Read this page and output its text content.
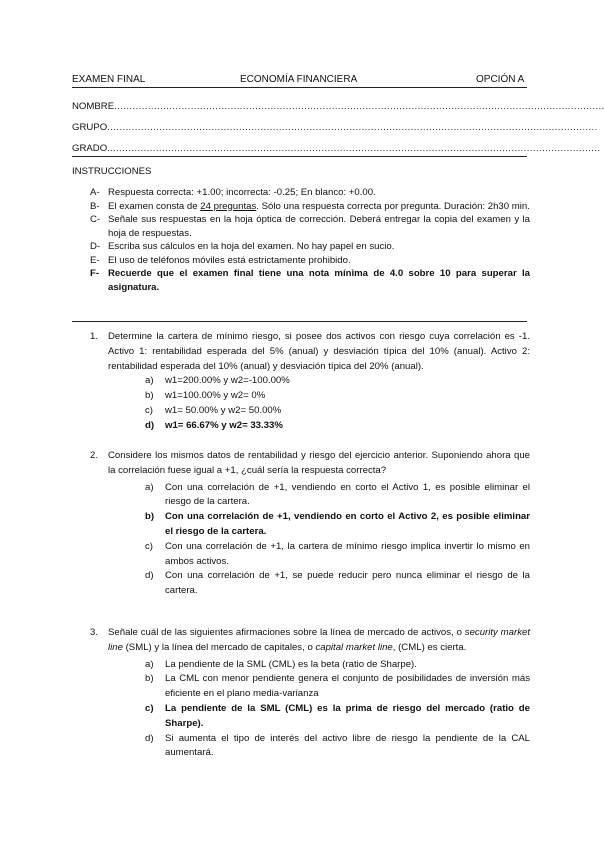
EXAMEN FINAL	ECONOMÍA FINANCIERA	OPCIÓN A
NOMBRE................................................................................................................................................................
GRUPO................................................................................................................................................................
GRADO.................................................................................................................................................................
INSTRUCCIONES
A- Respuesta correcta: +1.00; incorrecta: -0.25; En blanco: +0.00.
B- El examen consta de 24 preguntas. Sólo una respuesta correcta por pregunta. Duración: 2h30 min.
C- Señale sus respuestas en la hoja óptica de corrección. Deberá entregar la copia del examen y la hoja de respuestas.
D- Escriba sus cálculos en la hoja del examen. No hay papel en sucio.
E- El uso de teléfonos móviles está estrictamente prohibido.
F- Recuerde que el examen final tiene una nota mínima de 4.0 sobre 10 para superar la asignatura.
1. Determine la cartera de mínimo riesgo, si posee dos activos con riesgo cuya correlación es -1. Activo 1: rentabilidad esperada del 5% (anual) y desviación típica del 10% (anual). Activo 2: rentabilidad esperada del 10% (anual) y desviación típica del 20% (anual).
a)	w1=200.00% y w2=-100.00%
b)	w1=100.00% y w2= 0%
c)	w1= 50.00% y w2= 50.00%
d)	w1= 66.67% y w2= 33.33%
2. Considere los mismos datos de rentabilidad y riesgo del ejercicio anterior. Suponiendo ahora que la correlación fuese igual a +1, ¿cuál sería la respuesta correcta?
a)	Con una correlación de +1, vendiendo en corto el Activo 1, es posible eliminar el riesgo de la cartera.
b)	Con una correlación de +1, vendiendo en corto el Activo 2, es posible eliminar el riesgo de la cartera.
c)	Con una correlación de +1, la cartera de mínimo riesgo implica invertir lo mismo en ambos activos.
d)	Con una correlación de +1, se puede reducir pero nunca eliminar el riesgo de la cartera.
3. Señale cuál de las siguientes afirmaciones sobre la línea de mercado de activos, o security market line (SML) y la línea del mercado de capitales, o capital market line, (CML) es cierta.
a)	La pendiente de la SML (CML) es la beta (ratio de Sharpe).
b)	La CML con menor pendiente genera el conjunto de posibilidades de inversión más eficiente en el plano media-varianza
c)	La pendiente de la SML (CML) es la prima de riesgo del mercado (ratio de Sharpe).
d)	Si aumenta el tipo de interés del activo libre de riesgo la pendiente de la CAL aumentará.
